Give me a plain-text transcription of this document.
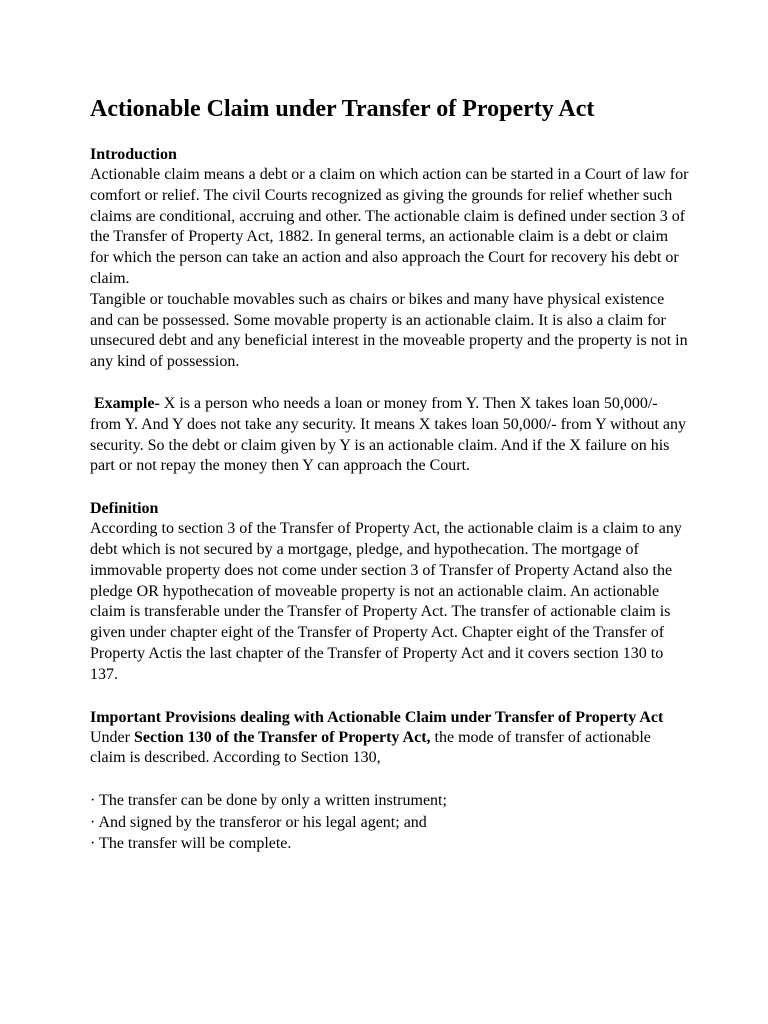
Actionable Claim under Transfer of Property Act
Introduction

Actionable claim means a debt or a claim on which action can be started in a Court of law for comfort or relief. The civil Courts recognized as giving the grounds for relief whether such claims are conditional, accruing and other. The actionable claim is defined under section 3 of the Transfer of Property Act, 1882. In general terms, an actionable claim is a debt or claim for which the person can take an action and also approach the Court for recovery his debt or claim.

Tangible or touchable movables such as chairs or bikes and many have physical existence and can be possessed. Some movable property is an actionable claim. It is also a claim for unsecured debt and any beneficial interest in the moveable property and the property is not in any kind of possession.

Example- X is a person who needs a loan or money from Y. Then X takes loan 50,000/- from Y. And Y does not take any security. It means X takes loan 50,000/- from Y without any security. So the debt or claim given by Y is an actionable claim. And if the X failure on his part or not repay the money then Y can approach the Court.

Definition

According to section 3 of the Transfer of Property Act, the actionable claim is a claim to any debt which is not secured by a mortgage, pledge, and hypothecation. The mortgage of immovable property does not come under section 3 of Transfer of Property Actand also the pledge OR hypothecation of moveable property is not an actionable claim. An actionable claim is transferable under the Transfer of Property Act. The transfer of actionable claim is given under chapter eight of the Transfer of Property Act. Chapter eight of the Transfer of Property Actis the last chapter of the Transfer of Property Act and it covers section 130 to 137.

Important Provisions dealing with Actionable Claim under Transfer of Property Act

Under Section 130 of the Transfer of Property Act, the mode of transfer of actionable claim is described. According to Section 130,

· The transfer can be done by only a written instrument;
· And signed by the transferor or his legal agent; and
· The transfer will be complete.
